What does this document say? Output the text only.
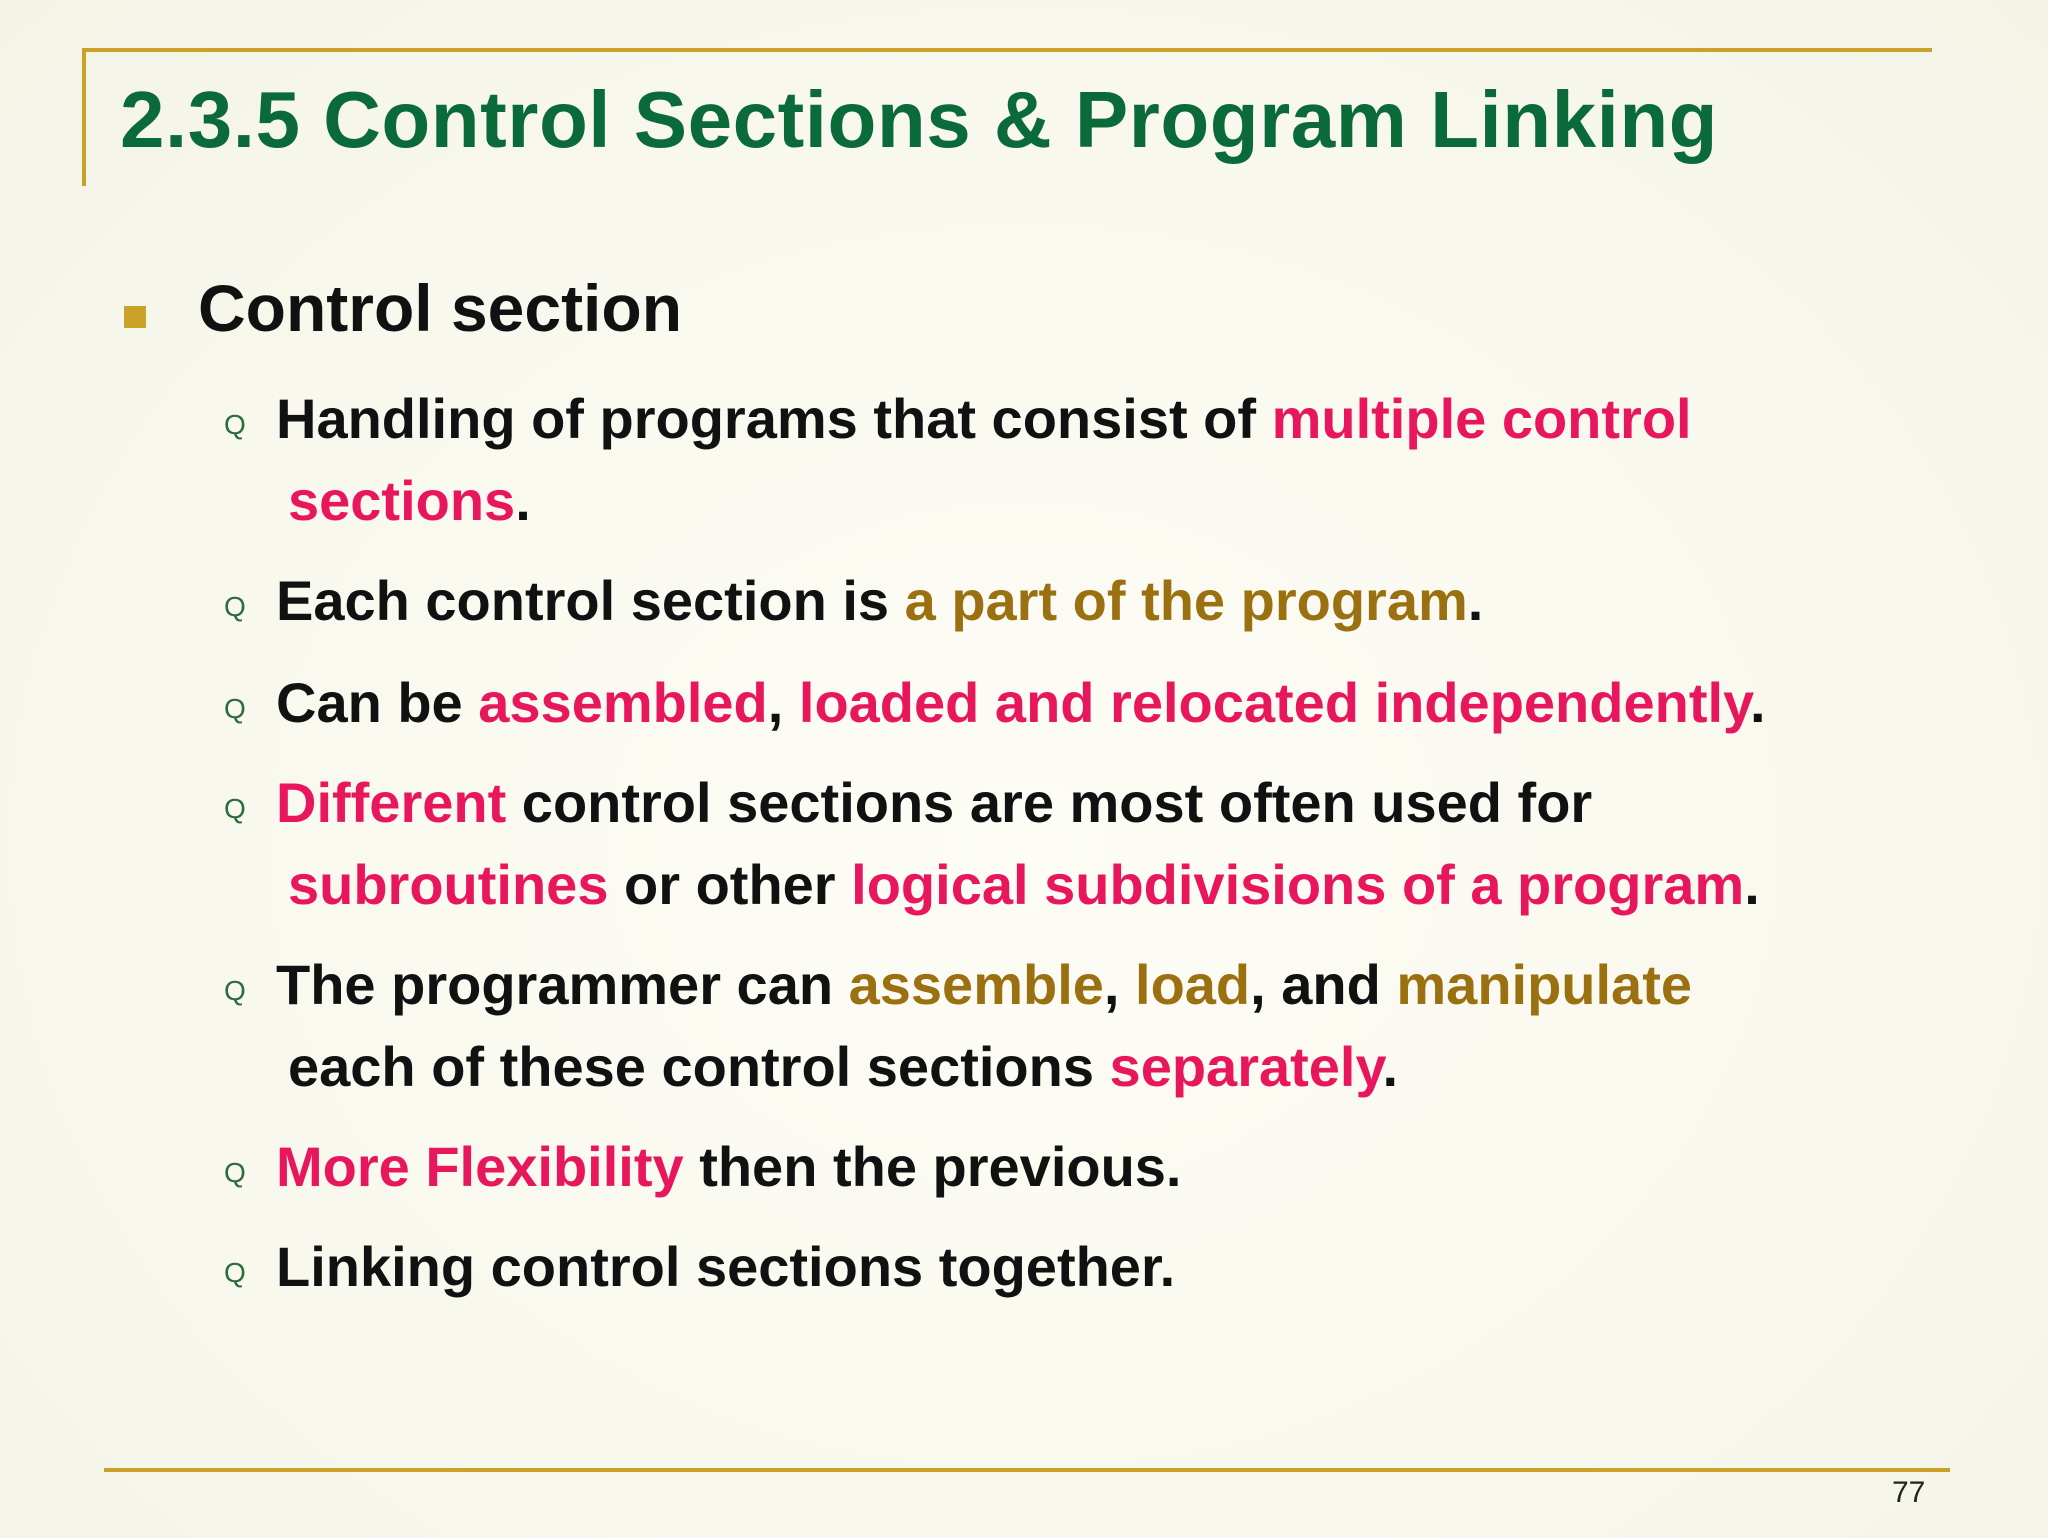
2.3.5 Control Sections & Program Linking
Control section
Q Handling of programs that consist of multiple control
sections.
Q Each control section is a part of the program.
Q Can be assembled, loaded and relocated independently.
Q Different control sections are most often used for
subroutines or other logical subdivisions of a program.
Q The programmer can assemble, load, and manipulate
each of these control sections separately.
Q More Flexibility then the previous.
Q Linking control sections together.
77
